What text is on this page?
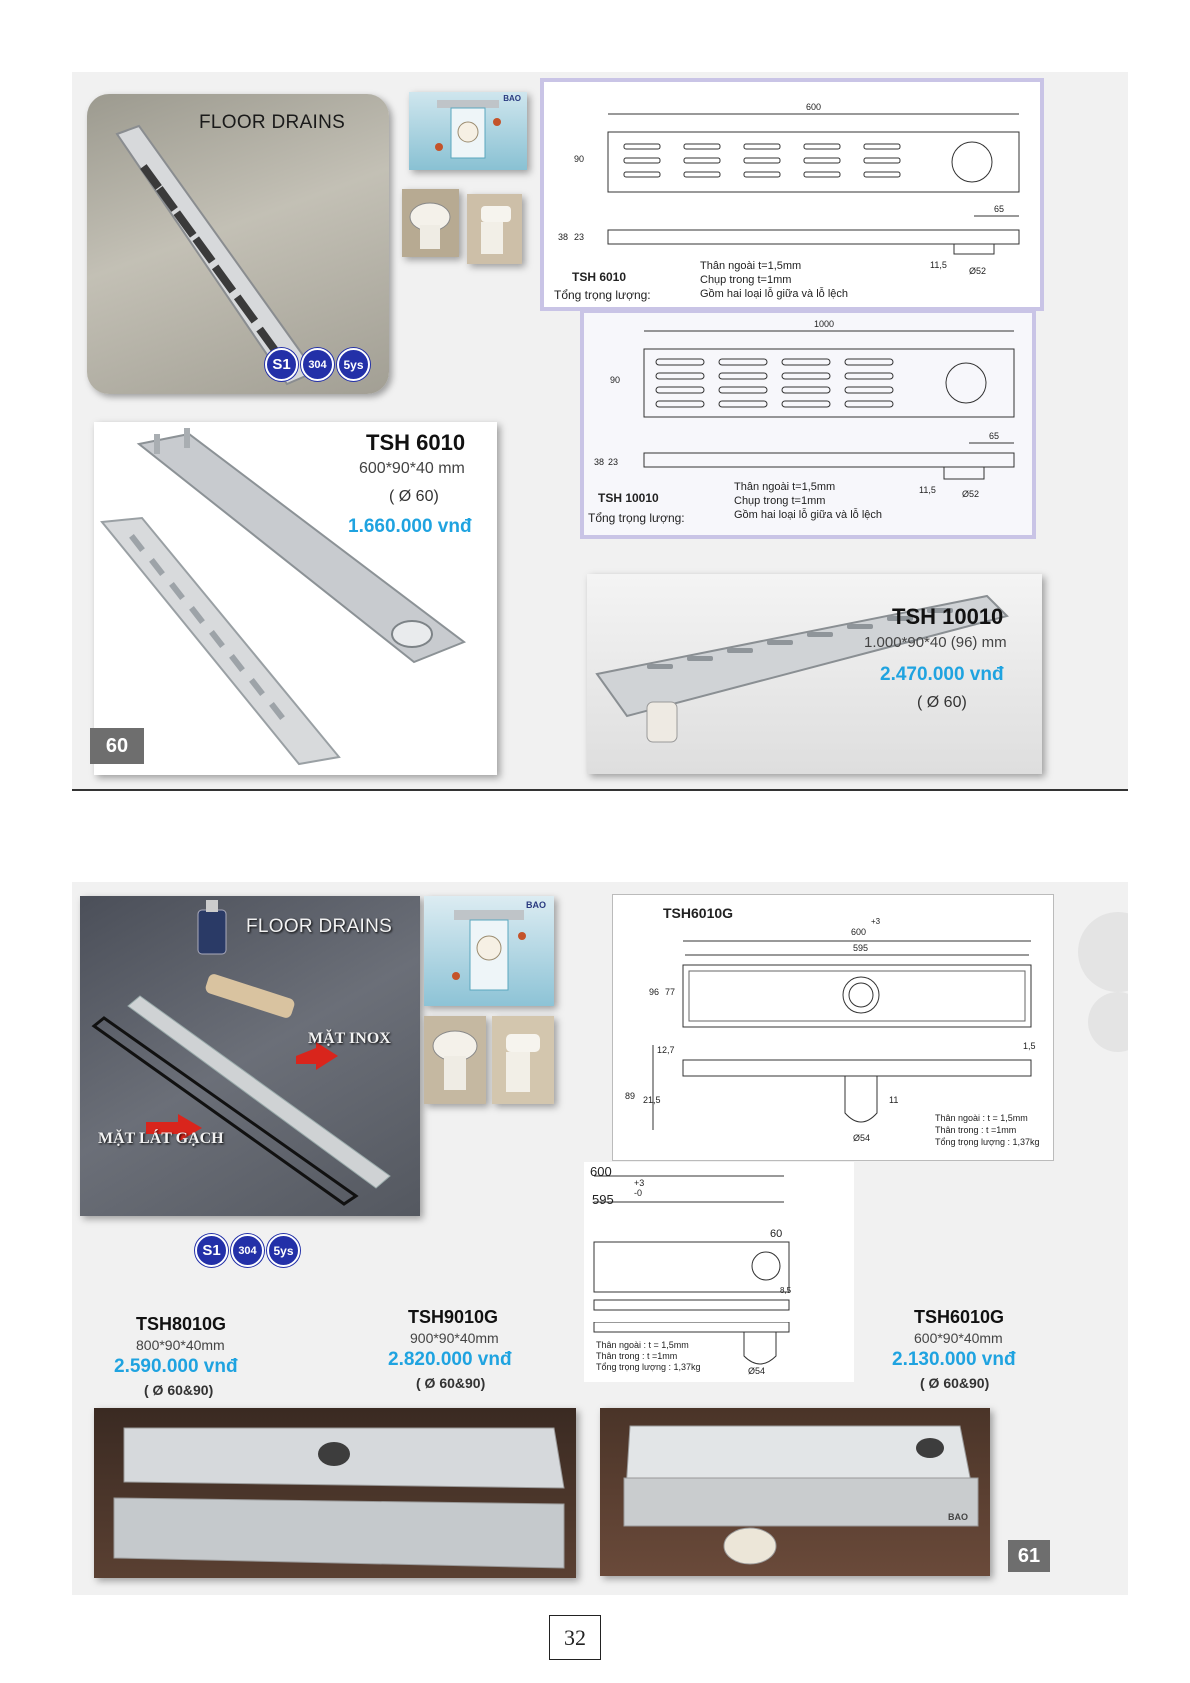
FLOOR DRAINS
S1	304	5ys
BAO
600
90
38 23
65
11,5
Ø52
TSH 6010
Tổng trọng lượng:
Thân ngoài t=1,5mm
Chụp trong t=1mm
Gồm hai loại lỗ giữa và lỗ lệch
1000
90
38 23
65
11,5	Ø52
TSH 10010
Tổng trọng lượng:
Thân ngoài t=1,5mm
Chụp trong t=1mm
Gồm hai loại lỗ giữa và lỗ lệch
TSH 6010
600*90*40 mm
( Ø 60)
1.660.000 vnđ
60
TSH 10010
1.000*90*40 (96) mm
2.470.000 vnđ
( Ø 60)
FLOOR DRAINS
MẶT INOX
MẶT LÁT GẠCH
S1	304	5ys
BAO	TSH6010G
600
+3
595
96 77
12,7
89 21,5	11
1,5
Ø54
Thân ngoài : t = 1,5mm
Thân trong : t =1mm
Tổng trọng lượng : 1,37kg
600
+3
-0
595
60
8,5
Thân ngoài : t = 1,5mm
Thân trong : t =1mm
Tổng trọng lượng : 1,37kg	Ø54
TSH8010G
800*90*40mm
2.590.000 vnđ
( Ø 60&90)
TSH9010G
900*90*40mm
2.820.000 vnđ
( Ø 60&90)
TSH6010G
600*90*40mm
2.130.000 vnđ
( Ø 60&90)
BAO
61
32
